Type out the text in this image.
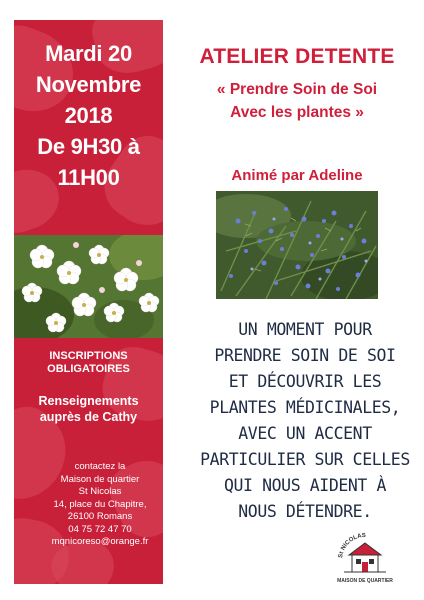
Mardi 20
Novembre
2018
De 9H30 à
11H00
INSCRIPTIONS
OBLIGATOIRES
Renseignements
auprès de Cathy
contactez la
Maison de quartier
St Nicolas
14, place du Chapitre,
26100 Romans
04 75 72 47 70
mqnicoreso@orange.fr
ATELIER DETENTE
« Prendre Soin de Soi
Avec les plantes »
Animé par Adeline
UN MOMENT POUR
PRENDRE SOIN DE SOI
ET DÉCOUVRIR LES
PLANTES MÉDICINALES,
AVEC UN ACCENT
PARTICULIER SUR CELLES
QUI NOUS AIDENT À
NOUS DÉTENDRE.
St NICOLAS
MAISON DE QUARTIER
